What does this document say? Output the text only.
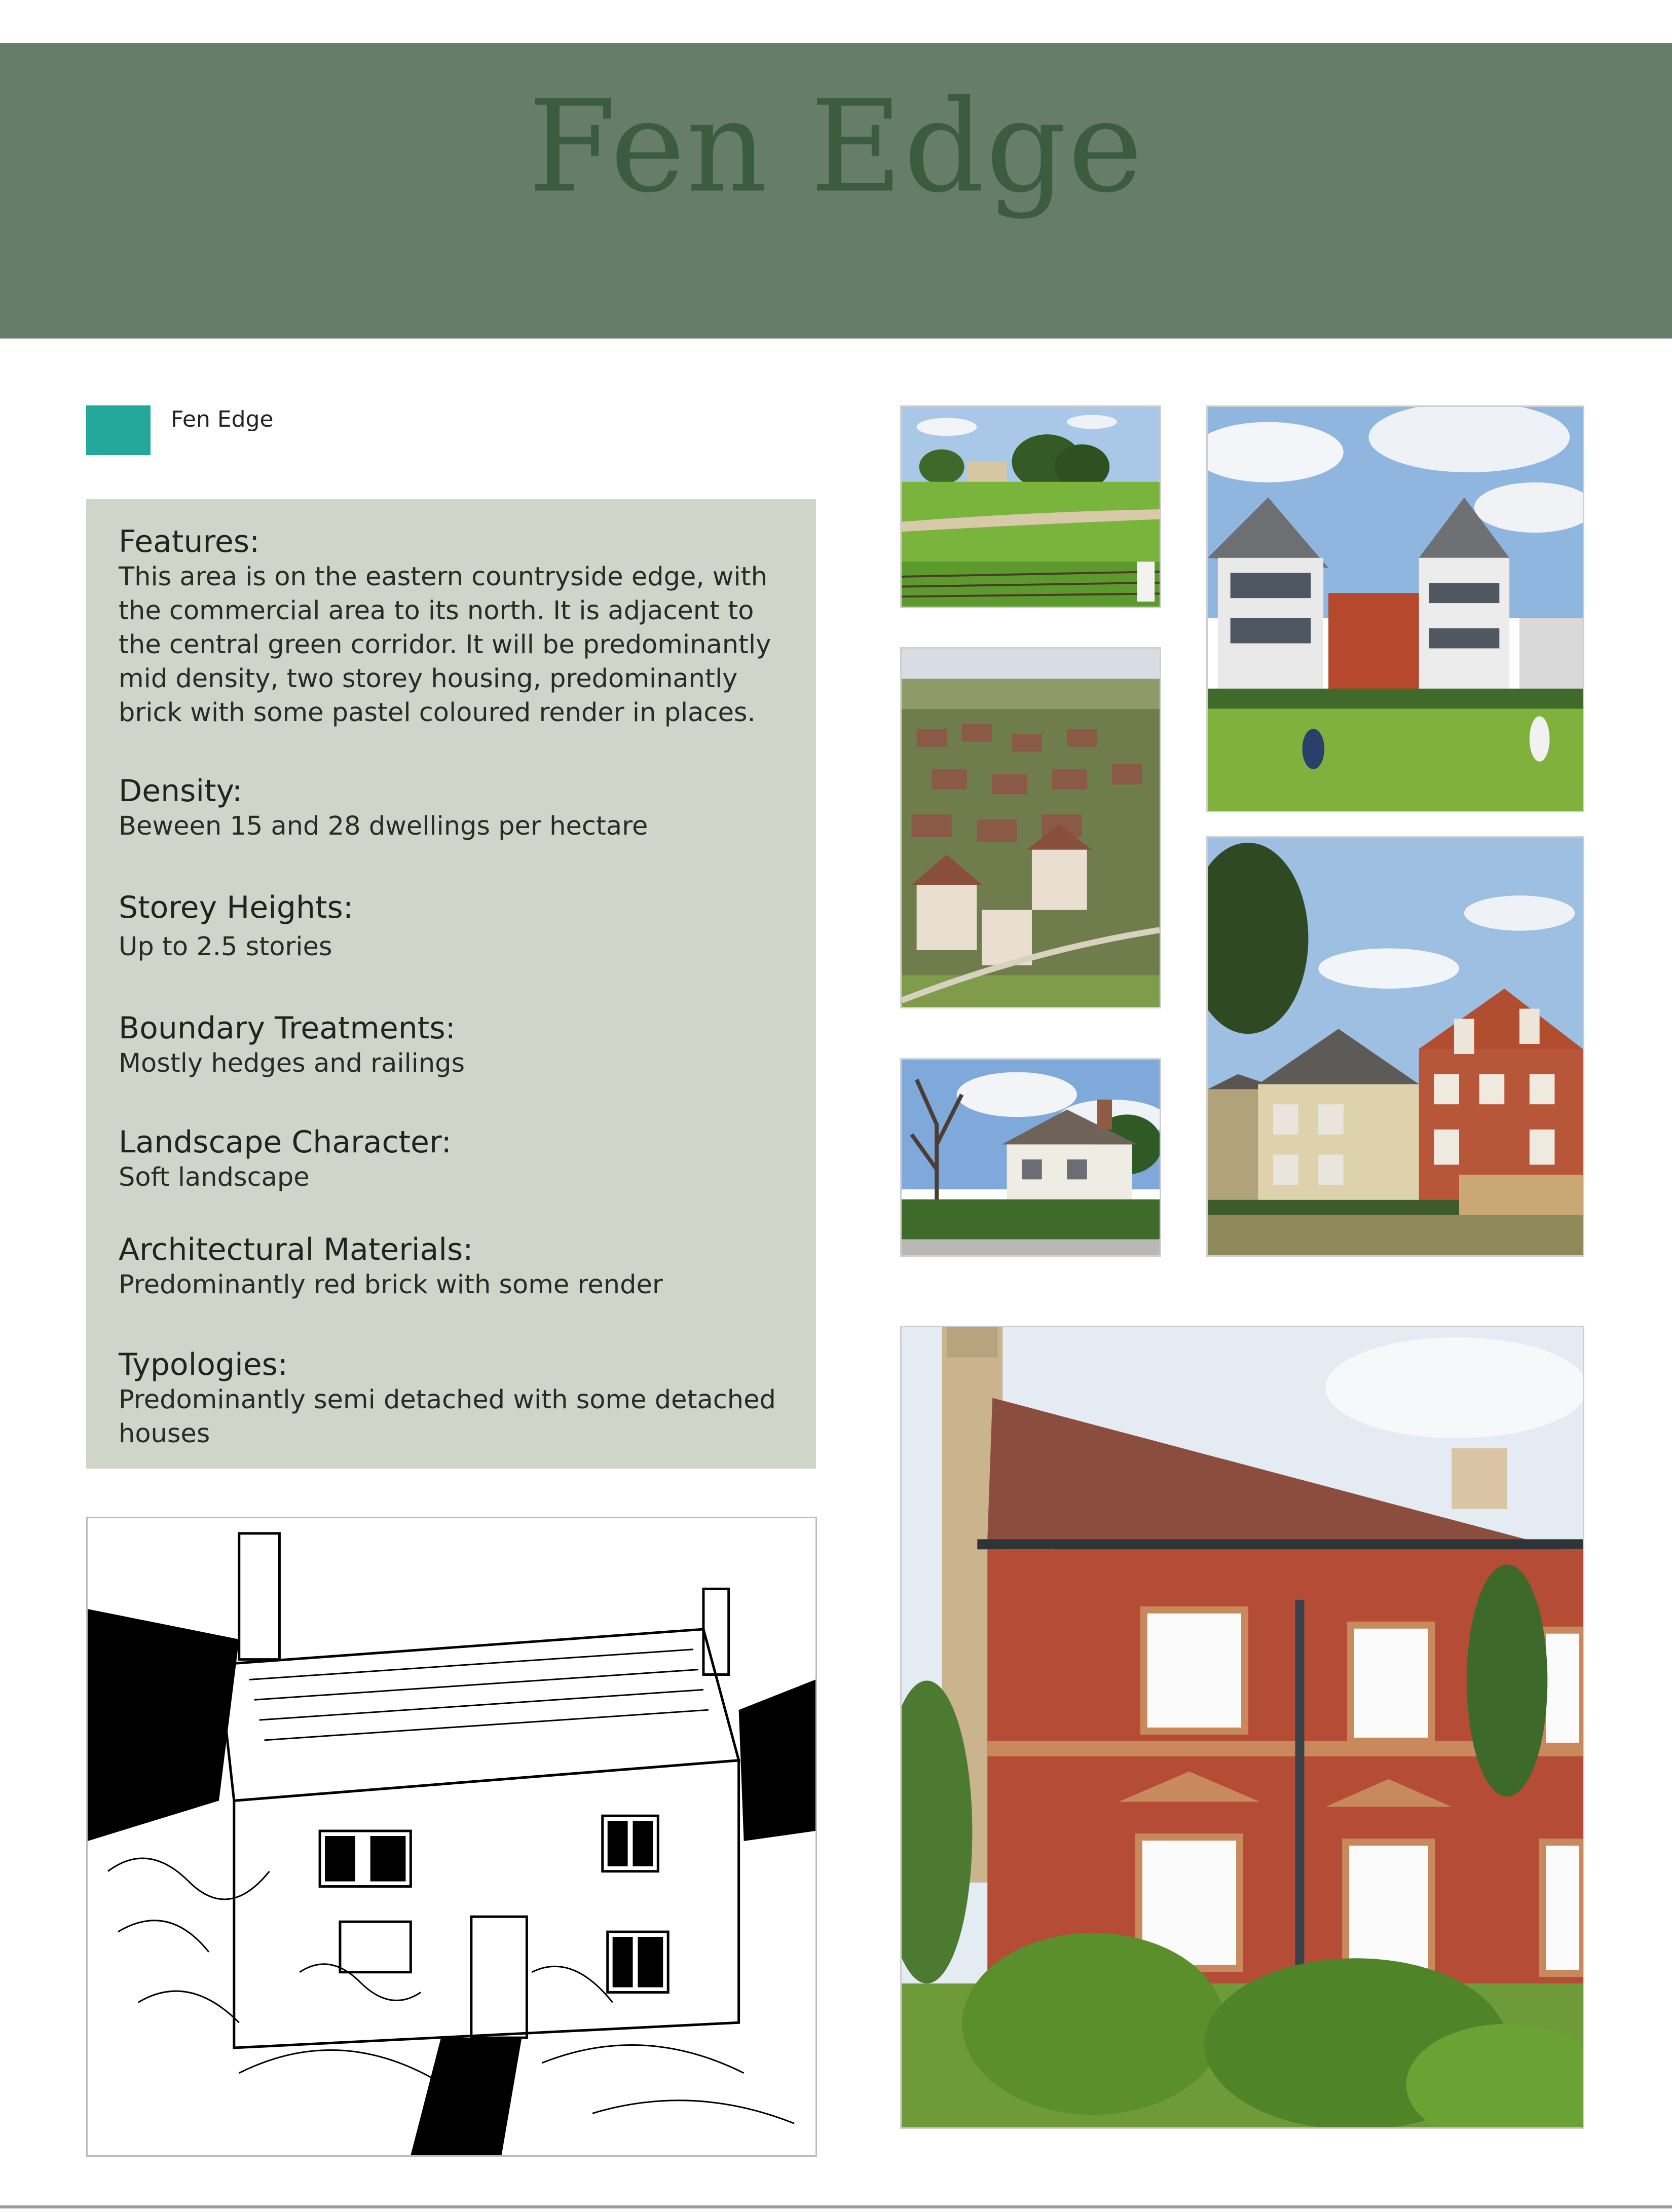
Fen Edge
Fen Edge
Features:
This area is on the eastern countryside edge, with the commercial area to its north. It is adjacent to the central green corridor. It will be predominantly mid density, two storey housing, predominantly brick with some pastel coloured render in places.
Density:
Beween 15 and 28 dwellings per hectare
Storey Heights:
Up to 2.5 stories
Boundary Treatments:
Mostly hedges and railings
Landscape Character:
Soft landscape
Architectural Materials:
Predominantly red brick with some render
Typologies:
Predominantly semi detached with some detached houses
